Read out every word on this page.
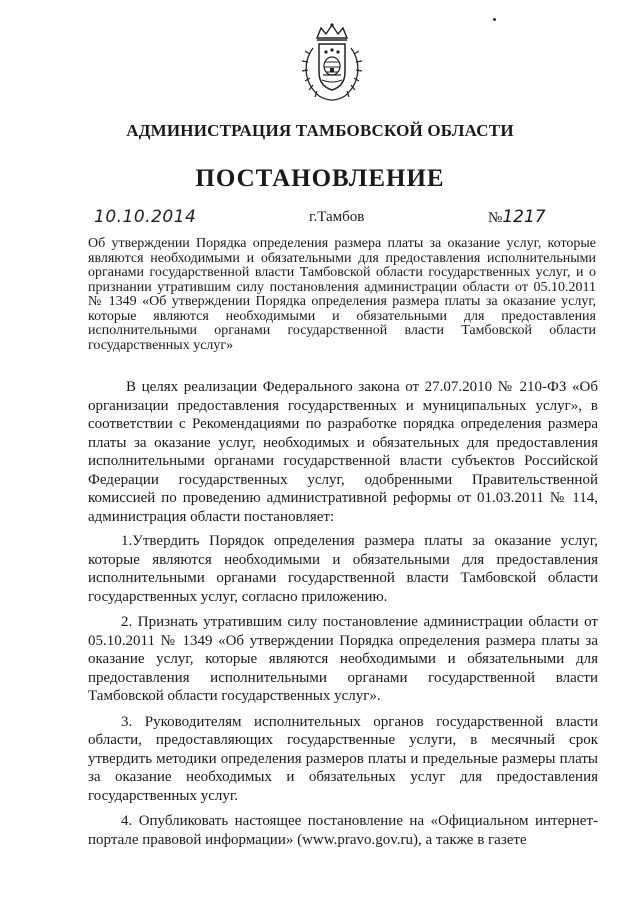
АДМИНИСТРАЦИЯ ТАМБОВСКОЙ ОБЛАСТИ
ПОСТАНОВЛЕНИЕ
10.10.2014	г.Тамбов	№1217
Об утверждении Порядка определения размера платы за оказание услуг, которые являются необходимыми и обязательными для предоставления исполнительными органами государственной власти Тамбовской области государственных услуг, и о признании утратившим силу постановления администрации области от 05.10.2011 № 1349 «Об утверждении Порядка определения размера платы за оказание услуг, которые являются необходимыми и обязательными для предоставления исполнительными органами государственной власти Тамбовской области государственных услуг»

В целях реализации Федерального закона от 27.07.2010 № 210-ФЗ «Об организации предоставления государственных и муниципальных услуг», в соответствии с Рекомендациями по разработке порядка определения размера платы за оказание услуг, необходимых и обязательных для предоставления исполнительными органами государственной власти субъектов Российской Федерации государственных услуг, одобренными Правительственной комиссией по проведению административной реформы от 01.03.2011 № 114, администрация области постановляет:

1.Утвердить Порядок определения размера платы за оказание услуг, которые являются необходимыми и обязательными для предоставления исполнительными органами государственной власти Тамбовской области государственных услуг, согласно приложению.

2. Признать утратившим силу постановление администрации области от 05.10.2011 № 1349 «Об утверждении Порядка определения размера платы за оказание услуг, которые являются необходимыми и обязательными для предоставления исполнительными органами государственной власти Тамбовской области государственных услуг».

3. Руководителям исполнительных органов государственной власти области, предоставляющих государственные услуги, в месячный срок утвердить методики определения размеров платы и предельные размеры платы за оказание необходимых и обязательных услуг для предоставления государственных услуг.

4. Опубликовать настоящее постановление на «Официальном интернет-портале правовой информации» (www.pravo.gov.ru), а также в газете
